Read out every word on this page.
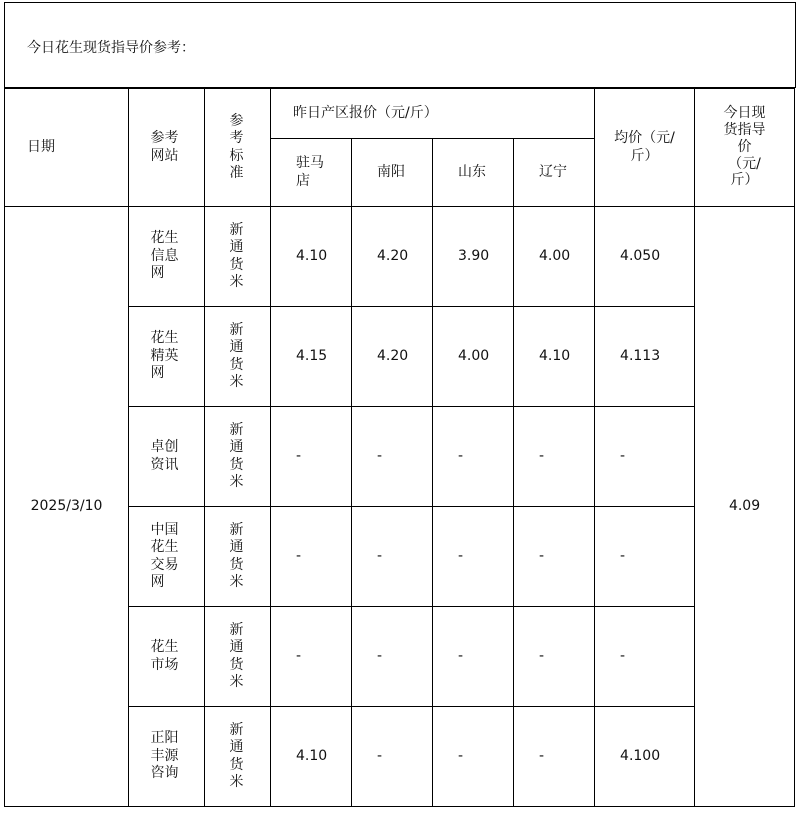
今日花生现货指导价参考：
日期	参考网站	参考标准	昨日产区报价（元/斤）				均价（元/斤）	今日现货指导价
（元/斤）
			驻马店	南阳	山东	辽宁		
2025/3/10	花生信息网	新通货米	4.10	4.20	3.90	4.00	4.050	4.09
	花生精英网	新通货米	4.15	4.20	4.00	4.10	4.113	
	卓创资讯	新通货米	-	-	-	-	-	
	中国花生交易网	新通货米	-	-	-	-	-	
	花生市场	新通货米	-	-	-	-	-	
	正阳丰源咨询	新通货米	4.10	-	-	-	4.100	
